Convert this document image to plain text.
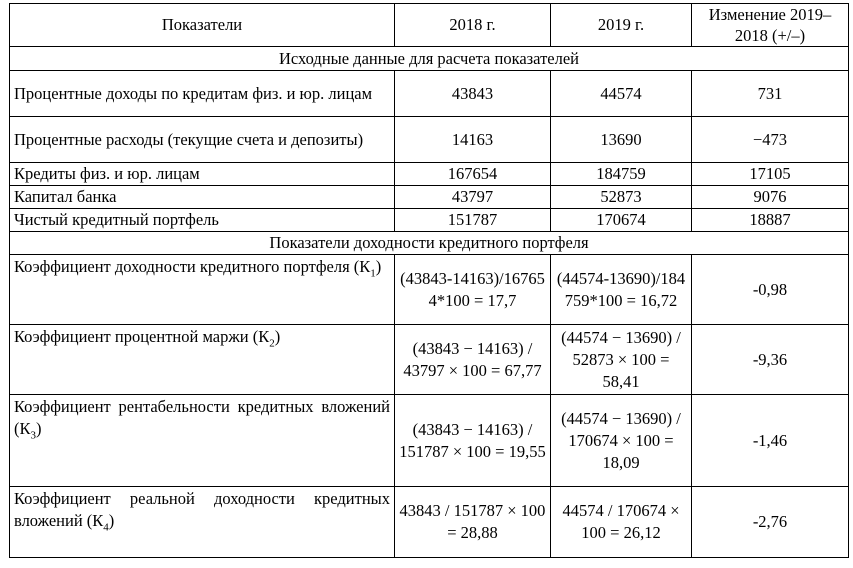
Показатели	2018 г.	2019 г.	Изменение 2019–2018 (+/–)
Исходные данные для расчета показателей			
Процентные доходы по кредитам физ. и юр. лицам	43843	44574	731
Процентные расходы (текущие счета и депозиты)	14163	13690	−473
Кредиты физ. и юр. лицам	167654	184759	17105
Капитал банка	43797	52873	9076
Чистый кредитный портфель	151787	170674	18887
Показатели доходности кредитного портфеля			
Коэффициент доходности кредитного портфеля $(К_1)$	(43843-14163)/167654*100 = 17,7	(44574-13690)/184759*100 = 16,72	-0,98
Коэффициент процентной маржи $(К_2)$	(43843 − 14163) / 43797 × 100 = 67,77	(44574 − 13690) / 52873 × 100 = 58,41	-9,36
Коэффициент рентабельности кредитных вложений $(К_3)$	(43843 − 14163) / 151787 × 100 = 19,55	(44574 − 13690) / 170674 × 100 = 18,09	-1,46
Коэффициент реальной доходности кредитных вложений $(К_4)$	43843 / 151787 × 100 = 28,88	44574 / 170674 × 100 = 26,12	-2,76
